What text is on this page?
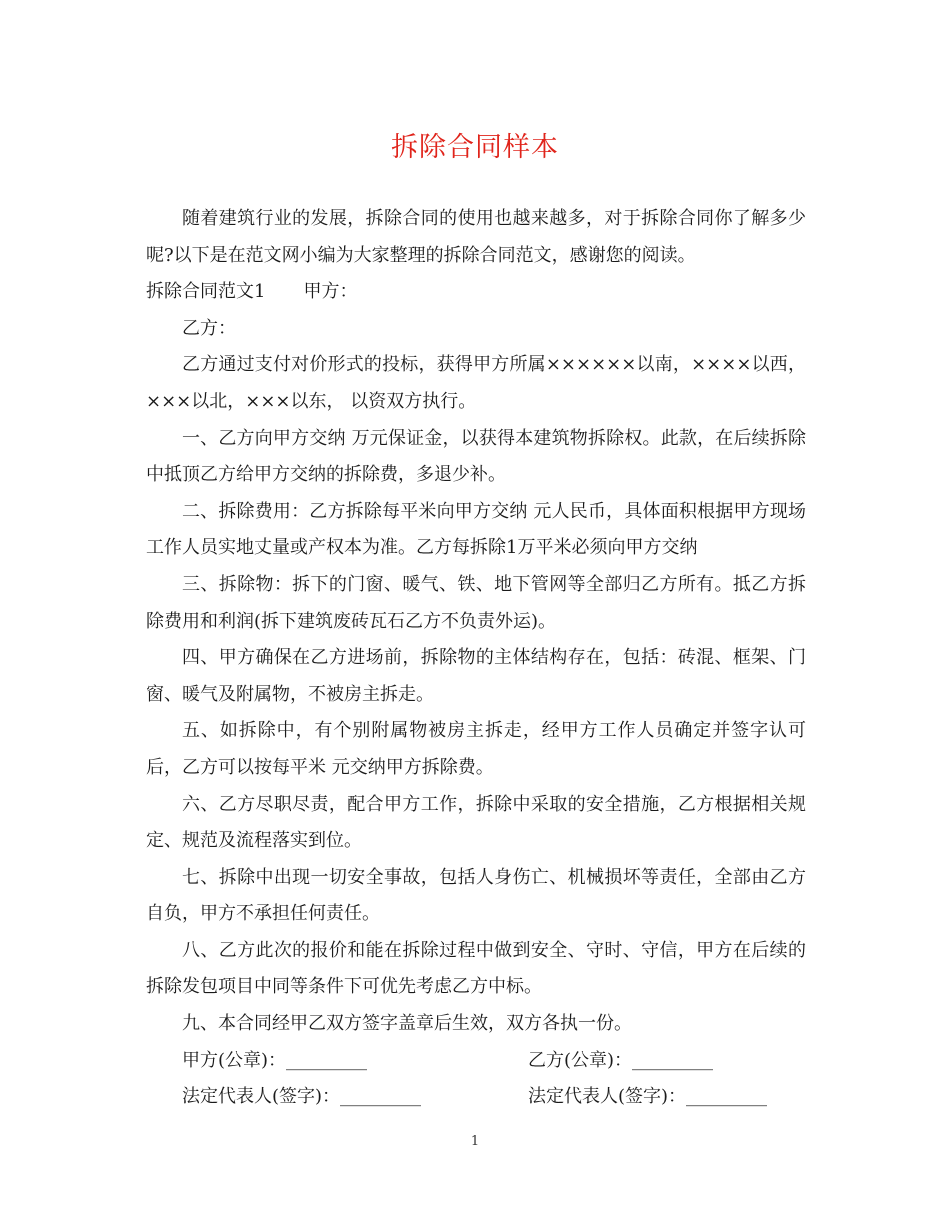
拆除合同样本

随着建筑行业的发展，拆除合同的使用也越来越多，对于拆除合同你了解多少呢?以下是在范文网小编为大家整理的拆除合同范文，感谢您的阅读。

拆除合同范文1 甲方：

乙方：

乙方通过支付对价形式的投标，获得甲方所属××××××以南，××××以西，×××以北，×××以东， 以资双方执行。

一、乙方向甲方交纳 万元保证金，以获得本建筑物拆除权。此款，在后续拆除中抵顶乙方给甲方交纳的拆除费，多退少补。

二、拆除费用：乙方拆除每平米向甲方交纳 元人民币，具体面积根据甲方现场工作人员实地丈量或产权本为准。乙方每拆除1万平米必须向甲方交纳

三、拆除物：拆下的门窗、暖气、铁、地下管网等全部归乙方所有。抵乙方拆除费用和利润(拆下建筑废砖瓦石乙方不负责外运)。

四、甲方确保在乙方进场前，拆除物的主体结构存在，包括：砖混、框架、门窗、暖气及附属物，不被房主拆走。

五、如拆除中，有个别附属物被房主拆走，经甲方工作人员确定并签字认可后，乙方可以按每平米 元交纳甲方拆除费。

六、乙方尽职尽责，配合甲方工作，拆除中采取的安全措施，乙方根据相关规定、规范及流程落实到位。

七、拆除中出现一切安全事故，包括人身伤亡、机械损坏等责任，全部由乙方自负，甲方不承担任何责任。

八、乙方此次的报价和能在拆除过程中做到安全、守时、守信，甲方在后续的拆除发包项目中同等条件下可优先考虑乙方中标。

九、本合同经甲乙双方签字盖章后生效，双方各执一份。

甲方(公章)：_________	乙方(公章)：_________
法定代表人(签字)：_________	法定代表人(签字)：_________
1
